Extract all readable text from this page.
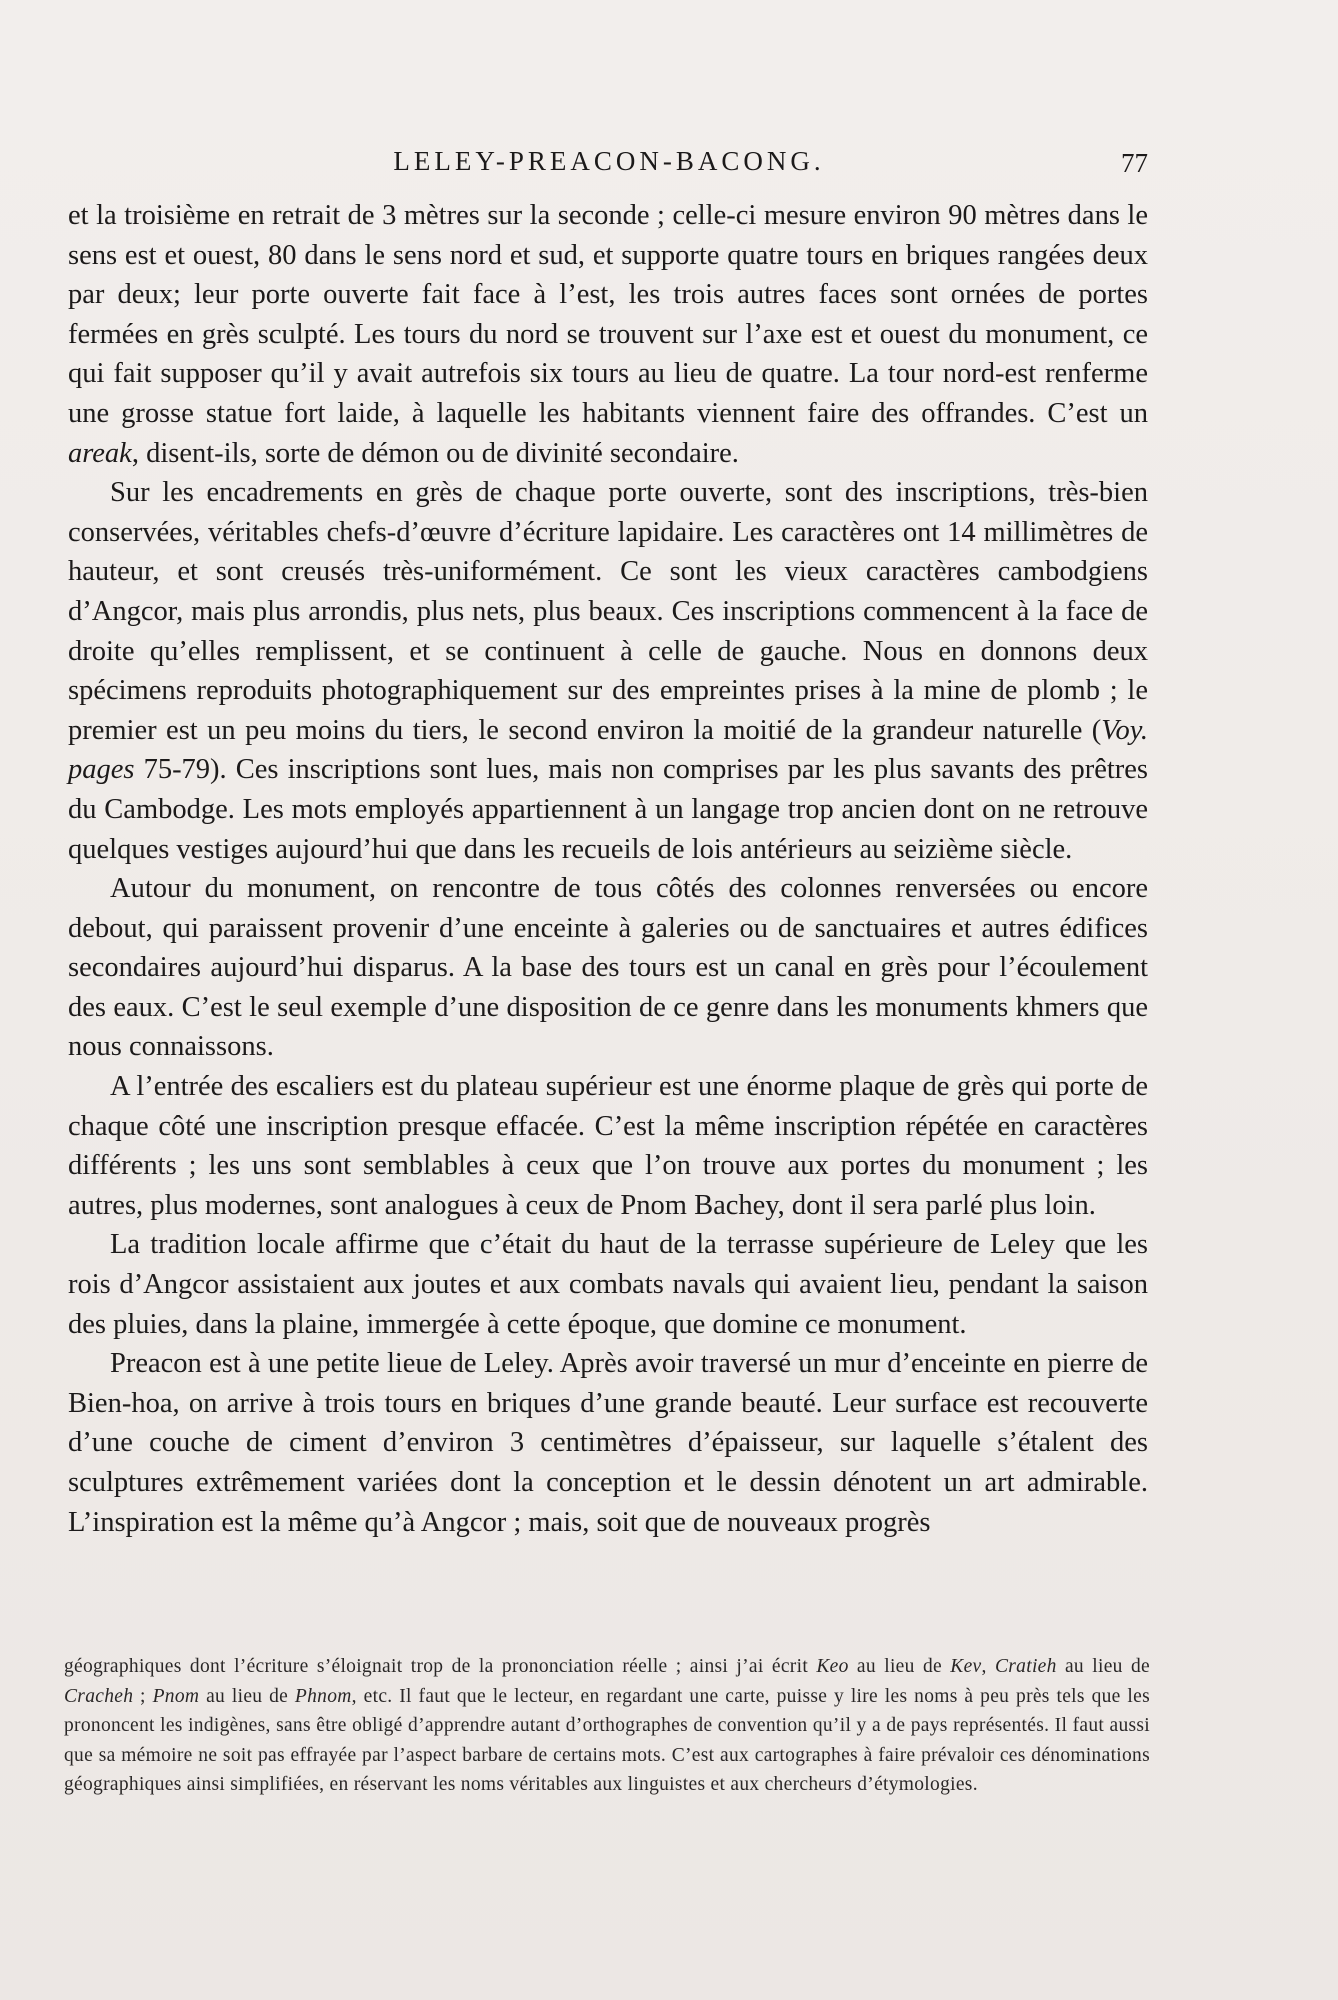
LELEY-PREACON-BACONG.	77

et la troisième en retrait de 3 mètres sur la seconde ; celle-ci mesure environ 90 mètres dans le sens est et ouest, 80 dans le sens nord et sud, et supporte quatre tours en briques rangées deux par deux; leur porte ouverte fait face à l’est, les trois autres faces sont ornées de portes fermées en grès sculpté. Les tours du nord se trouvent sur l’axe est et ouest du monument, ce qui fait supposer qu’il y avait autrefois six tours au lieu de quatre. La tour nord-est renferme une grosse statue fort laide, à laquelle les habitants viennent faire des offrandes. C’est un areak, disent-ils, sorte de démon ou de divinité secondaire.

Sur les encadrements en grès de chaque porte ouverte, sont des inscriptions, très-bien conservées, véritables chefs-d’œuvre d’écriture lapidaire. Les caractères ont 14 millimètres de hauteur, et sont creusés très-uniformément. Ce sont les vieux caractères cambodgiens d’Angcor, mais plus arrondis, plus nets, plus beaux. Ces inscriptions commencent à la face de droite qu’elles remplissent, et se continuent à celle de gauche. Nous en donnons deux spécimens reproduits photographiquement sur des empreintes prises à la mine de plomb ; le premier est un peu moins du tiers, le second environ la moitié de la grandeur naturelle (Voy. pages 75-79). Ces inscriptions sont lues, mais non comprises par les plus savants des prêtres du Cambodge. Les mots employés appartiennent à un langage trop ancien dont on ne retrouve quelques vestiges aujourd’hui que dans les recueils de lois antérieurs au seizième siècle.

Autour du monument, on rencontre de tous côtés des colonnes renversées ou encore debout, qui paraissent provenir d’une enceinte à galeries ou de sanctuaires et autres édifices secondaires aujourd’hui disparus. A la base des tours est un canal en grès pour l’écoulement des eaux. C’est le seul exemple d’une disposition de ce genre dans les monuments khmers que nous connaissons.

A l’entrée des escaliers est du plateau supérieur est une énorme plaque de grès qui porte de chaque côté une inscription presque effacée. C’est la même inscription répétée en caractères différents ; les uns sont semblables à ceux que l’on trouve aux portes du monument ; les autres, plus modernes, sont analogues à ceux de Pnom Bachey, dont il sera parlé plus loin.

La tradition locale affirme que c’était du haut de la terrasse supérieure de Leley que les rois d’Angcor assistaient aux joutes et aux combats navals qui avaient lieu, pendant la saison des pluies, dans la plaine, immergée à cette époque, que domine ce monument.

Preacon est à une petite lieue de Leley. Après avoir traversé un mur d’enceinte en pierre de Bien-hoa, on arrive à trois tours en briques d’une grande beauté. Leur surface est recouverte d’une couche de ciment d’environ 3 centimètres d’épaisseur, sur laquelle s’étalent des sculptures extrêmement variées dont la conception et le dessin dénotent un art admirable. L’inspiration est la même qu’à Angcor ; mais, soit que de nouveaux progrès

géographiques dont l’écriture s’éloignait trop de la prononciation réelle ; ainsi j’ai écrit Keo au lieu de Kev, Cratieh au lieu de Cracheh ; Pnom au lieu de Phnom, etc. Il faut que le lecteur, en regardant une carte, puisse y lire les noms à peu près tels que les prononcent les indigènes, sans être obligé d’apprendre autant d’orthographes de convention qu’il y a de pays représentés. Il faut aussi que sa mémoire ne soit pas effrayée par l’aspect barbare de certains mots. C’est aux cartographes à faire prévaloir ces dénominations géographiques ainsi simplifiées, en réservant les noms véritables aux linguistes et aux chercheurs d’étymologies.
